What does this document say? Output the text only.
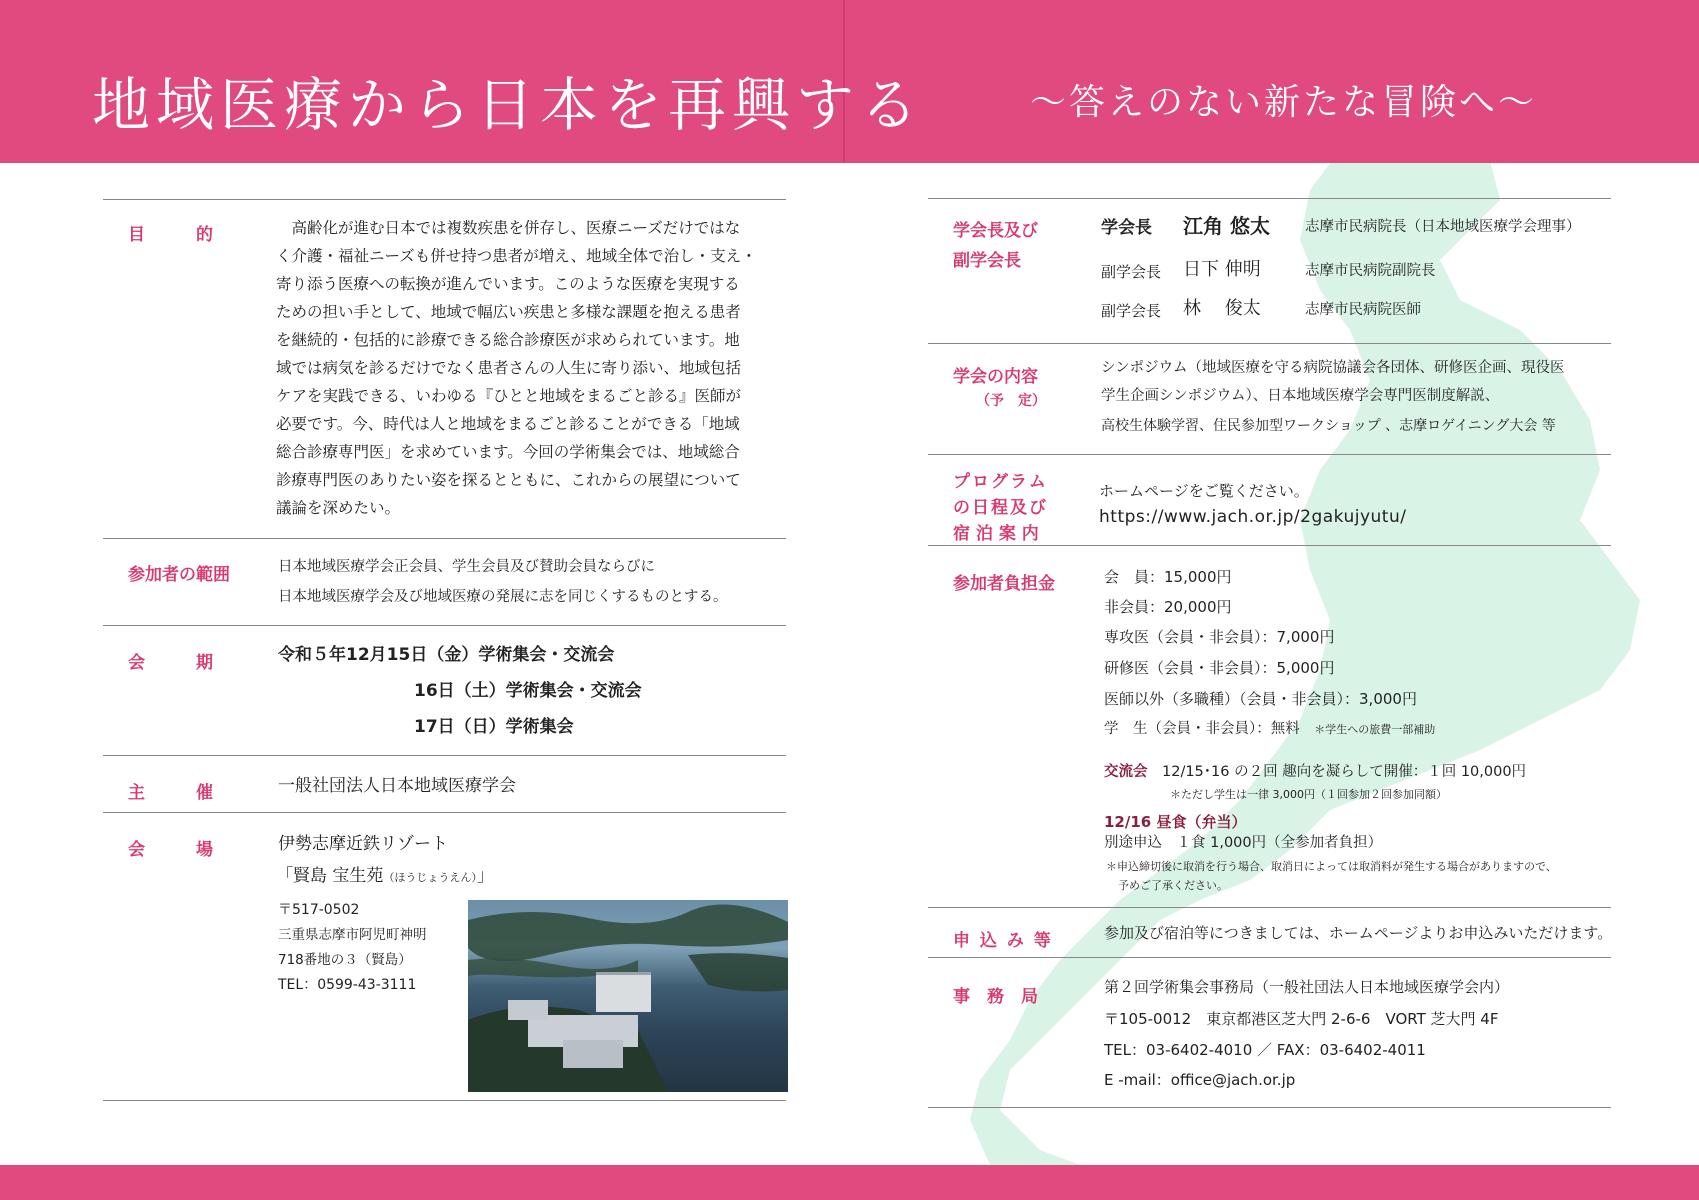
地域医療から日本を再興する	〜答えのない新たな冒険へ〜
目　　　的	　高齢化が進む日本では複数疾患を併存し、医療ニーズだけではな

く介護・福祉ニーズも併せ持つ患者が増え、地域全体で治し・支え・

寄り添う医療への転換が進んでいます。このような医療を実現する

ための担い手として、地域で幅広い疾患と多様な課題を抱える患者

を継続的・包括的に診療できる総合診療医が求められています。地

域では病気を診るだけでなく患者さんの人生に寄り添い、地域包括

ケアを実践できる、いわゆる『ひとと地域をまるごと診る』医師が

必要です。今、時代は人と地域をまるごと診ることができる「地域

総合診療専門医」を求めています。今回の学術集会では、地域総合

診療専門医のありたい姿を探るとともに、これからの展望について

議論を深めたい。

参加者の範囲	日本地域医療学会正会員、学生会員及び賛助会員ならびに
日本地域医療学会及び地域医療の発展に志を同じくするものとする。
会　　　期	令和５年12月15日（金）学術集会・交流会
16日（土）学術集会・交流会
17日（日）学術集会
主　　　催	一般社団法人日本地域医療学会
会　　　場	伊勢志摩近鉄リゾート
「賢島 宝生苑（ほうじょうえん）」
〒517-0502
三重県志摩市阿児町神明
718番地の３（賢島）
TEL：0599-43-3111
学会長及び
副学会長
学会長 江角 悠太 志摩市民病院長（日本地域医療学会理事）
副学会長 日下 伸明	志摩市民病院副院長
副学会長 林　 俊太	志摩市民病院医師
学会の内容
（予　定）
シンポジウム（地域医療を守る病院協議会各団体、研修医企画、現役医
学生企画シンポジウム）、日本地域医療学会専門医制度解説、
高校生体験学習、住民参加型ワークショップ 、志摩ロゲイニング大会 等
プログラム
の日程及び
宿 泊 案 内
ホームページをご覧ください。
https://www.jach.or.jp/2gakujyutu/
参加者負担金	会　員：15,000円
非会員：20,000円
専攻医（会員・非会員）：7,000円
研修医（会員・非会員）：5,000円
医師以外（多職種）（会員・非会員）：3,000円
学　生（会員・非会員）：無料　 ＊学生への旅費一部補助
交流会　 12/15･16 の２回 趣向を凝らして開催：１回 10,000円
＊ただし学生は一律 3,000円（１回参加２回参加同額）
12/16 昼食（弁当）
別途申込　１食 1,000円（全参加者負担）
＊申込締切後に取消を行う場合、取消日によっては取消料が発生する場合がありますので、
予めご了承ください。
申 込 み 等	参加及び宿泊等につきましては、ホームページよりお申込みいただけます。
事　務　局	第２回学術集会事務局（一般社団法人日本地域医療学会内）
〒105-0012　東京都港区芝大門 2-6-6　VORT 芝大門 4F
TEL：03-6402-4010 ／ FAX：03-6402-4011
E -mail：office@jach.or.jp
